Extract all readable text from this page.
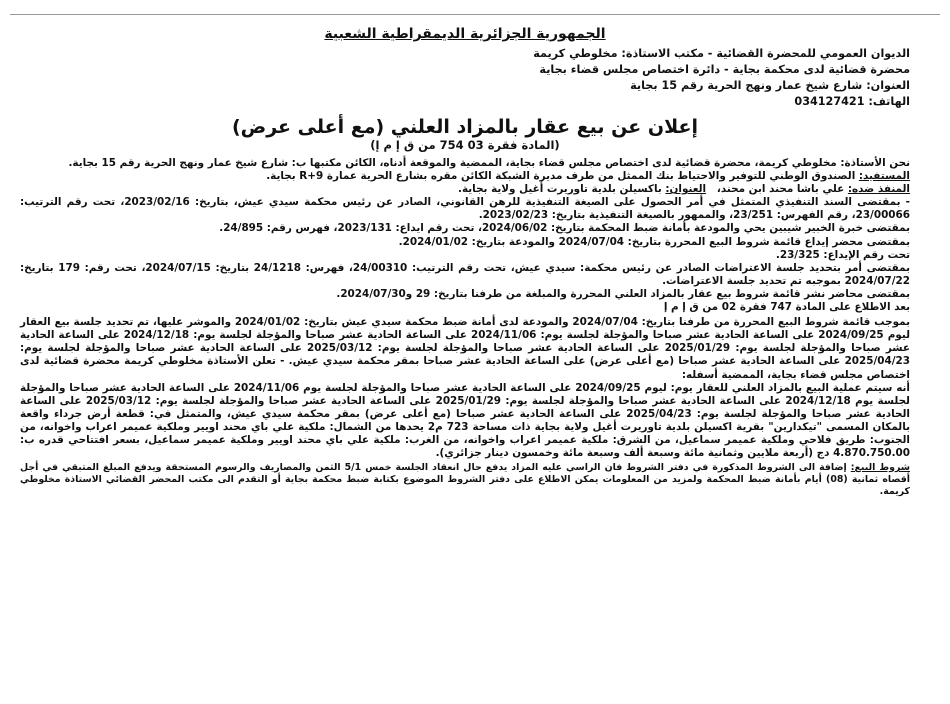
الجمهورية الجزائرية الديمقراطية الشعبية
الديوان العمومي للمحضرة القضائية - مكتب الاستاذة: مخلوطي كريمة
محضرة قضائية لدى محكمة بجاية - دائرة اختصاص مجلس قضاء بجاية
العنوان: شارع شيخ عمار ونهج الحرية رقم 15 بجاية
الهاتف: 034127421
إعلان عن بيع عقار بالمزاد العلني (مع أعلى عرض)
(المادة فقرة 03 754 من ق إ م إ)

نحن الأستاذة: مخلوطي كريمة، محضرة قضائية لدى اختصاص مجلس قضاء بجاية، الممضية والموقعة أدناه، الكائن مكتبها ب: شارع شيخ عمار ونهج الحرية رقم 15 بجاية.

المستفيد: الصندوق الوطني للتوفير والاحتياط بنك الممثل من طرف مديرة الشبكة الكائن مقره بشارع الحرية عمارة R+9 بجاية.

المنفذ ضده: علي باشا محند ابن محند،   العنوان: باكسيلن بلدية تاوريرت أغيل ولاية بجاية.

- بمقتضى السند التنفيذي المتمثل في أمر الحصول على الصيغة التنفيذية للرهن القانوني، الصادر عن رئيس محكمة سيدي عيش، بتاريخ: 2023/02/16، تحت رقم الترتيب: 23/00066، رقم الفهرس: 23/251، والممهور بالصيغة التنفيذية بتاريخ: 2023/02/23.

بمقتضى خبرة الخبير شيبين يحي والمودعة بأمانة ضبط المحكمة بتاريخ: 2024/06/02، تحت رقم ايداع: 2023/131، فهرس رقم: 24/895.

بمقتضى محضر إيداع قائمة شروط البيع المحررة بتاريخ: 2024/07/04 والمودعة بتاريخ: 2024/01/02.

تحت رقم الإيداع: 23/325.

بمقتضى أمر بتحديد جلسة الاعتراضات الصادر عن رئيس محكمة: سيدي عيش، تحت رقم الترتيب: 24/00310، فهرس: 24/1218 بتاريخ: 2024/07/15، تحت رقم: 179 بتاريخ: 2024/07/22 بموجبه تم تحديد جلسة الاعتراضات.

بمقتضى محاضر نشر قائمة شروط بيع عقار بالمزاد العلني المحررة والمبلغة من طرفنا بتاريخ: 29 و2024/07/30.

بعد الاطلاع على المادة 747 فقرة 02 من ق إ م إ

بموجب قائمة شروط البيع المحررة من طرفنا بتاريخ: 2024/07/04 والمودعة لدى أمانة ضبط محكمة سيدي عيش بتاريخ: 2024/01/02 والموشر عليها، تم تحديد جلسة بيع العقار ليوم 2024/09/25 على الساعة الحادية عشر صباحا والمؤجلة لجلسة يوم: 2024/11/06 على الساعة الحادية عشر صباحا والمؤجلة لجلسة يوم: 2024/12/18 على الساعة الحادية عشر صباحا والمؤجلة لجلسة يوم: 2025/01/29 على الساعة الحادية عشر صباحا والمؤجلة لجلسة يوم: 2025/03/12 على الساعة الحادية عشر صباحا والمؤجلة لجلسة يوم: 2025/04/23 على الساعة الحادية عشر صباحا (مع أعلى عرض) على الساعة الحادية عشر صباحا بمقر محكمة سيدي عيش. - تعلن الأستاذة مخلوطي كريمة محضرة قضائية لدى اختصاص مجلس قضاء بجاية، الممضية أسفله:

أنه سيتم عملية البيع بالمزاد العلني للعقار يوم: ليوم 2024/09/25 على الساعة الحادية عشر صباحا والمؤجلة لجلسة يوم 2024/11/06 على الساعة الحادية عشر صباحا والمؤجلة لجلسة يوم 2024/12/18 على الساعة الحادية عشر صباحا والمؤجلة لجلسة يوم: 2025/01/29 على الساعة الحادية عشر صباحا والمؤجلة لجلسة يوم: 2025/03/12 على الساعة الحادية عشر صباحا والمؤجلة لجلسة يوم: 2025/04/23 على الساعة الحادية عشر صباحا (مع أعلى عرض) بمقر محكمة سيدي عيش، والمتمثل في: قطعة أرض جرداء واقعة بالمكان المسمى "تيكدارين" بقرية اكسيلن بلدية تاوريرت أغيل ولاية بجاية ذات مساحة 723 م2 يحدها من الشمال: ملكية علي باي محند اويير وملكية عميمر اعراب واخوانه، من الجنوب: طريق فلاحي وملكية عميمر سماعيل، من الشرق: ملكية عميمر اعراب واخوانه، من الغرب: ملكية علي باي محند اويير وملكية عميمر سماعيل، بسعر افتتاحي قدره ب: 4.870.750.00 دج (أربعة ملايين وثمانية مائة وسبعة ألف وسبعة مائة وخمسون دينار جزائري).

شروط البيع: إضافة الى الشروط المذكورة في دفتر الشروط فان الراسي عليه المزاد يدفع حال انعقاد الجلسة خمس 5/1 الثمن والمصاريف والرسوم المستحقة ويدفع المبلغ المتبقي في أجل أقصاه ثمانية (08) أيام بأمانة ضبط المحكمة ولمزيد من المعلومات يمكن الاطلاع على دفتر الشروط الموضوع بكتابة ضبط محكمة بجاية أو التقدم الى مكتب المحضر القضائي الاستاذة مخلوطي كريمة.
